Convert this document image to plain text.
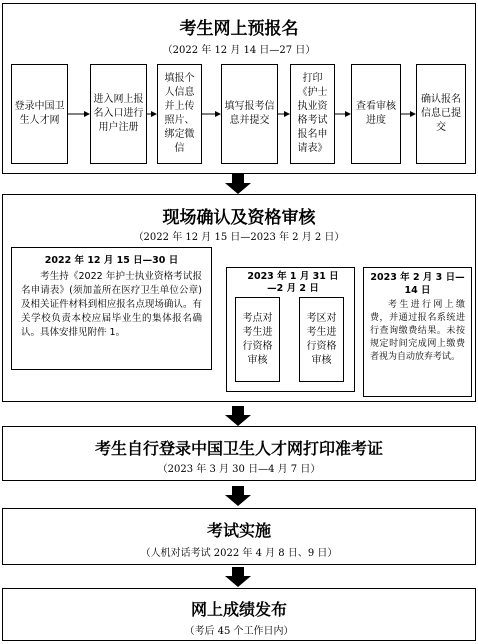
考生网上预报名
（2022 年 12 月 14 日—27 日）
登录中国卫生人才网
进入网上报名入口进行用户注册
填报个人信息并上传照片、绑定微信
填写报考信息并提交
打印《护士执业资格考试报名申请表》
查看审核进度
确认报名信息已提交
现场确认及资格审核
（2022 年 12 月 15 日—2023 年 2 月 2 日）
2022 年 12 月 15 日—30 日

考生持《2022 年护士执业资格考试报名申请表》(须加盖所在医疗卫生单位公章)及相关证件材料到相应报名点现场确认。有关学校负责本校应届毕业生的集体报名确认。具体安排见附件 1。

2023 年 1 月 31 日—2 月 2 日
考点对考生进行资格审核
考区对考生进行资格审核
2023 年 2 月 3 日—14 日

考生进行网上缴费，并通过报名系统进行查询缴费结果。未按规定时间完成网上缴费者视为自动放弃考试。

考生自行登录中国卫生人才网打印准考证
（2023 年 3 月 30 日—4 月 7 日）
考试实施
（人机对话考试 2022 年 4 月 8 日、9 日）
网上成绩发布
（考后 45 个工作日内）
